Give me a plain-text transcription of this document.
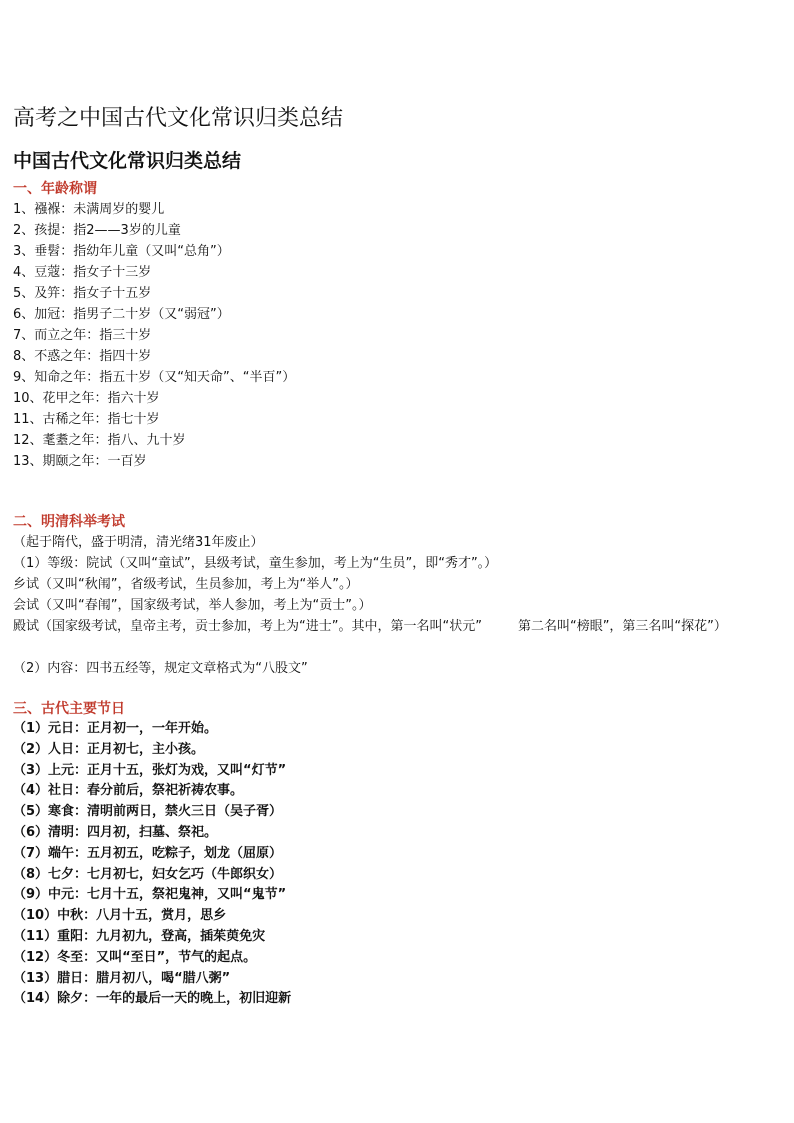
高考之中国古代文化常识归类总结
中国古代文化常识归类总结
一、年龄称谓
1、襁褓：未满周岁的婴儿
2、孩提：指2——3岁的儿童
3、垂髫：指幼年儿童（又叫“总角”）
4、豆蔻：指女子十三岁
5、及笄：指女子十五岁
6、加冠：指男子二十岁（又“弱冠”）
7、而立之年：指三十岁
8、不惑之年：指四十岁
9、知命之年：指五十岁（又“知天命”、“半百”）
10、花甲之年：指六十岁
11、古稀之年：指七十岁
12、耄耋之年：指八、九十岁
13、期颐之年：一百岁
二、明清科举考试
（起于隋代，盛于明清，清光绪31年废止）
（1）等级：院试（又叫“童试”，县级考试，童生参加，考上为“生员”，即“秀才”。）
乡试（又叫“秋闱”，省级考试，生员参加，考上为“举人”。）
会试（又叫“春闱”，国家级考试，举人参加，考上为“贡士”。）
殿试（国家级考试，皇帝主考，贡士参加，考上为“进士”。其中，第一名叫“状元”	第二名叫“榜眼”，第三名叫“探花”）
（2）内容：四书五经等，规定文章格式为“八股文”
三、古代主要节日
（1）元日：正月初一，一年开始。
（2）人日：正月初七，主小孩。
（3）上元：正月十五，张灯为戏，又叫“灯节”
（4）社日：春分前后，祭祀祈祷农事。
（5）寒食：清明前两日，禁火三日（吴子胥）
（6）清明：四月初，扫墓、祭祀。
（7）端午：五月初五，吃粽子，划龙（屈原）
（8）七夕：七月初七，妇女乞巧（牛郎织女）
（9）中元：七月十五，祭祀鬼神，又叫“鬼节”
（10）中秋：八月十五，赏月，思乡
（11）重阳：九月初九，登高，插茱萸免灾
（12）冬至：又叫“至日”，节气的起点。
（13）腊日：腊月初八，喝“腊八粥”
（14）除夕：一年的最后一天的晚上，初旧迎新
